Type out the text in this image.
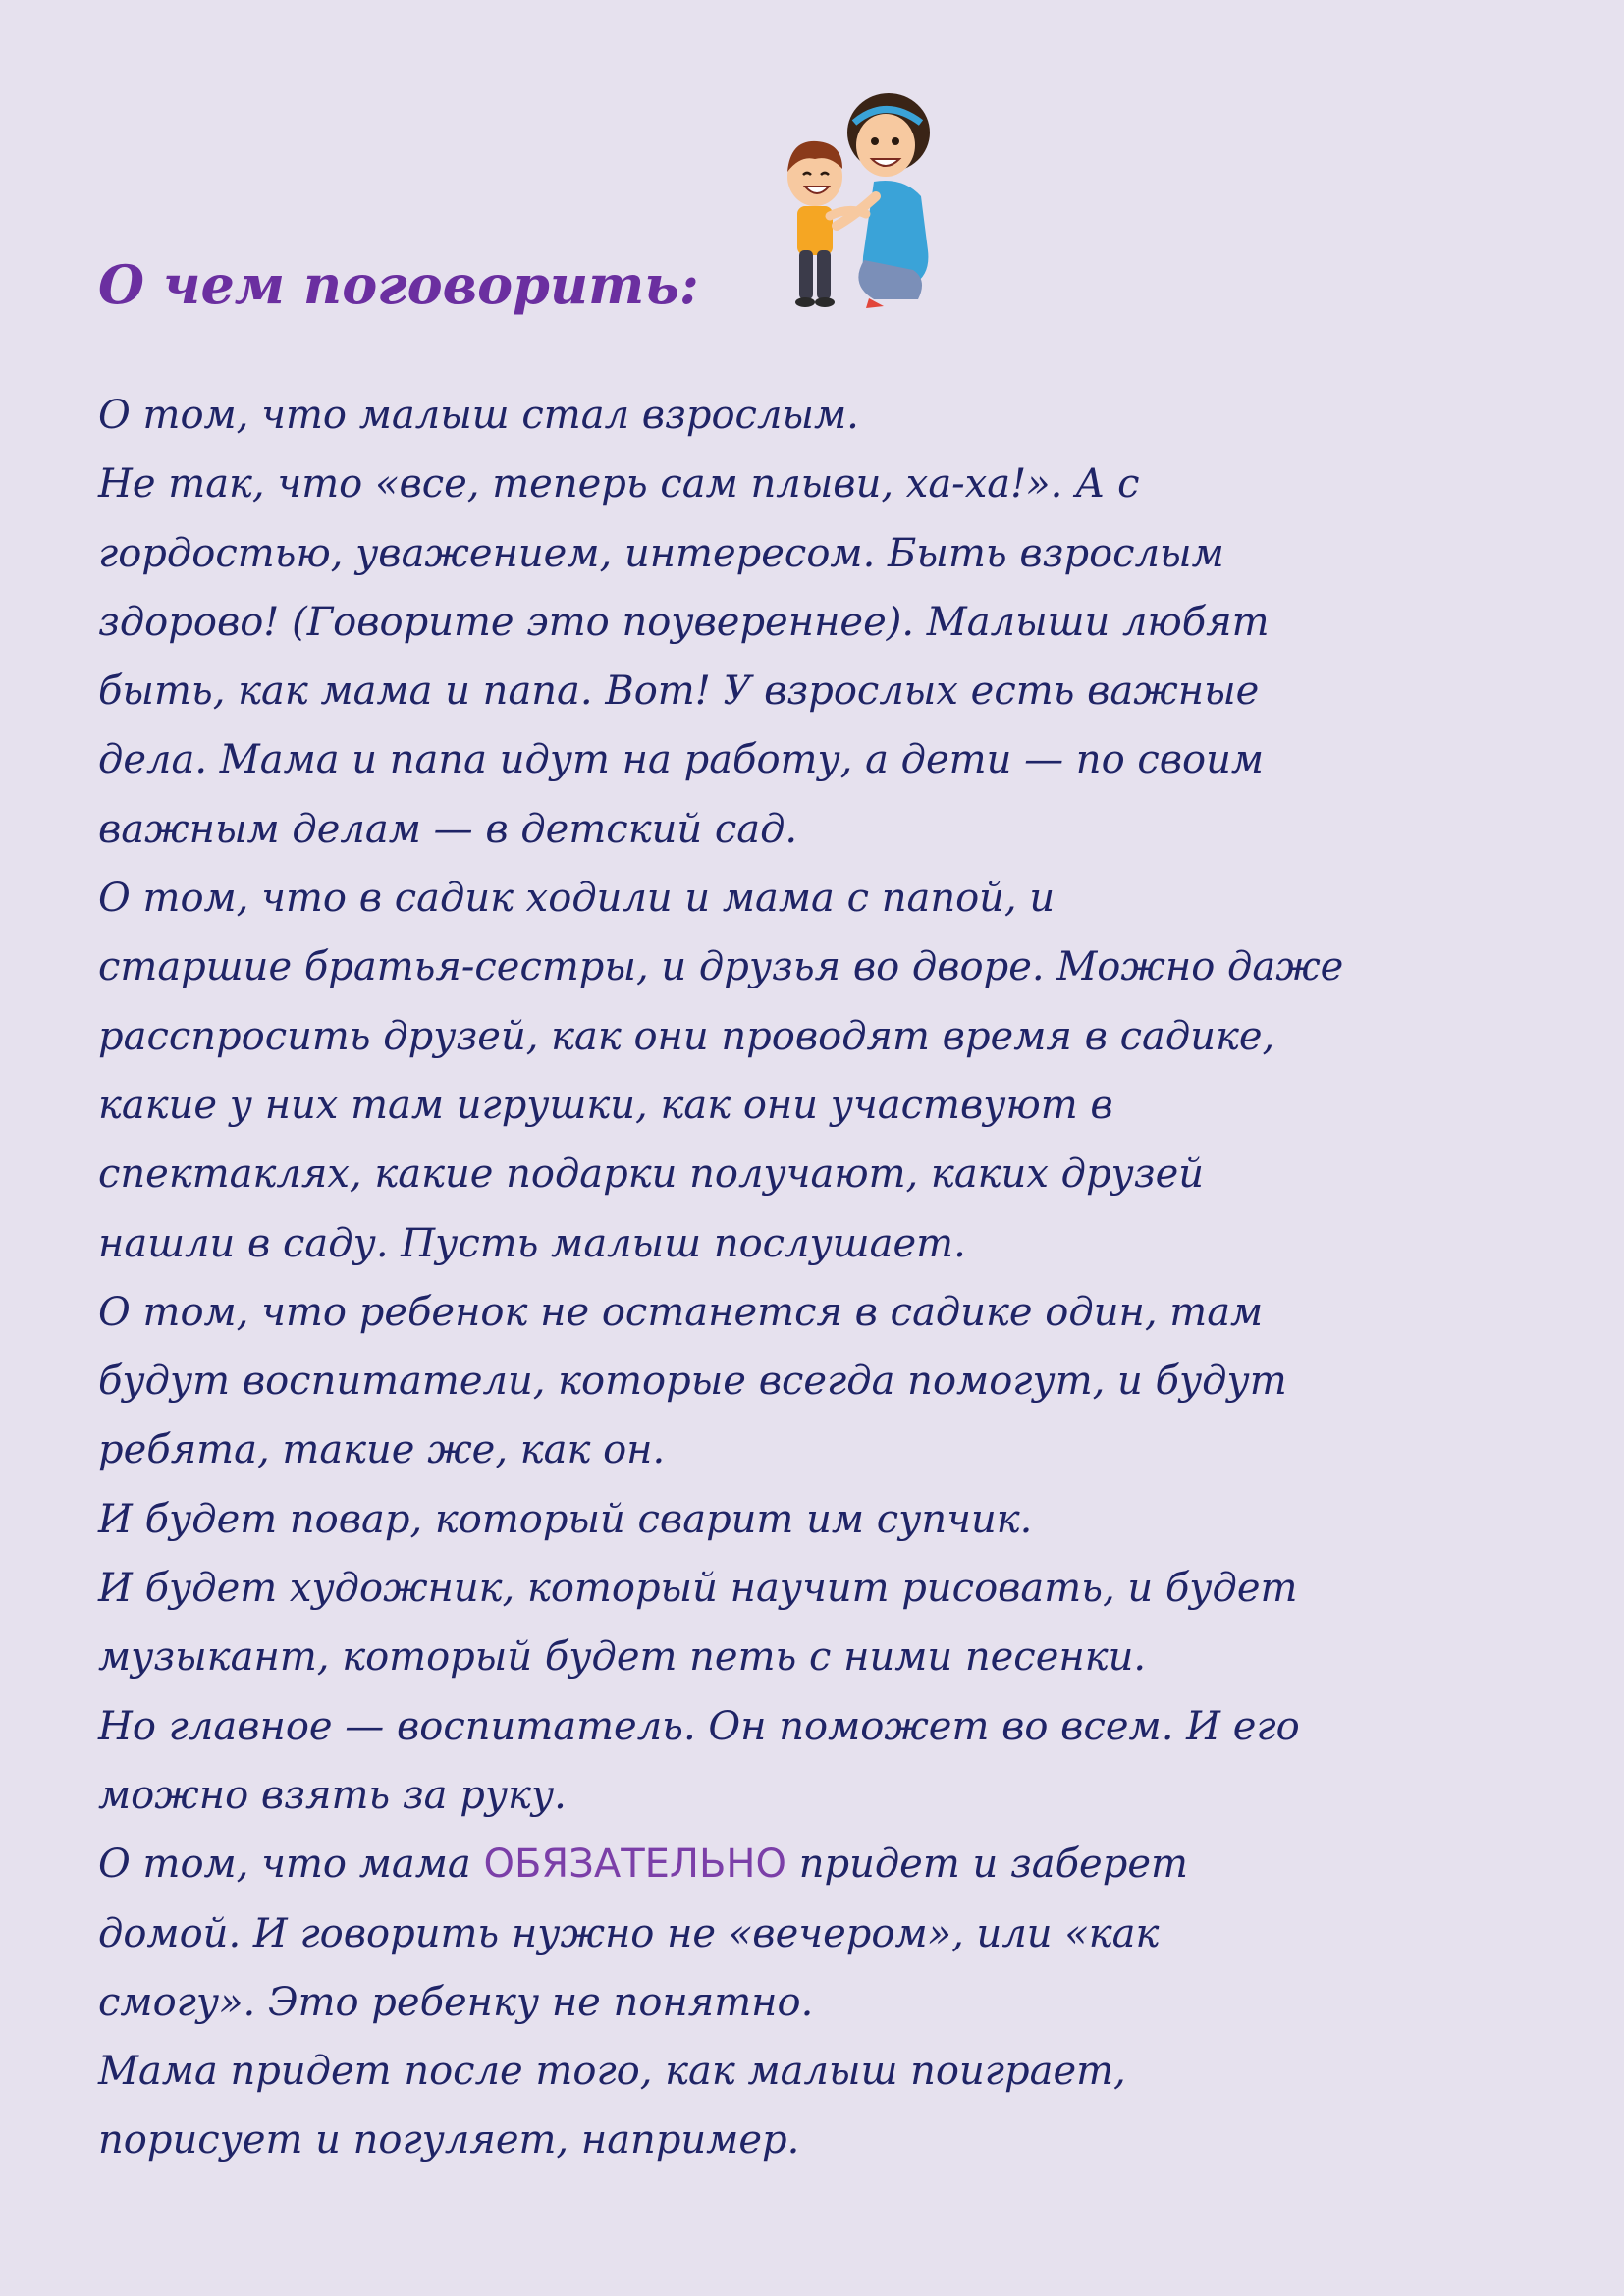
О чем поговорить:
О том, что малыш стал взрослым.
Не так, что «все, теперь сам плыви, ха-ха!». А с
гордостью, уважением, интересом. Быть взрослым
здорово! (Говорите это поувереннее). Малыши любят
быть, как мама и папа. Вот! У взрослых есть важные
дела. Мама и папа идут на работу, а дети — по своим
важным делам — в детский сад.
О том, что в садик ходили и мама с папой, и
старшие братья-сестры, и друзья во дворе. Можно даже
расспросить друзей, как они проводят время в садике,
какие у них там игрушки, как они участвуют в
спектаклях, какие подарки получают, каких друзей
нашли в саду. Пусть малыш послушает.
О том, что ребенок не останется в садике один, там
будут воспитатели, которые всегда помогут, и будут
ребята, такие же, как он.
И будет повар, который сварит им супчик.
И будет художник, который научит рисовать, и будет
музыкант, который будет петь с ними песенки.
Но главное — воспитатель. Он поможет во всем. И его
можно взять за руку.
О том, что мама ОБЯЗАТЕЛЬНО придет и заберет
домой. И говорить нужно не «вечером», или «как
смогу». Это ребенку не понятно.
Мама придет после того, как малыш поиграет,
порисует и погуляет, например.
